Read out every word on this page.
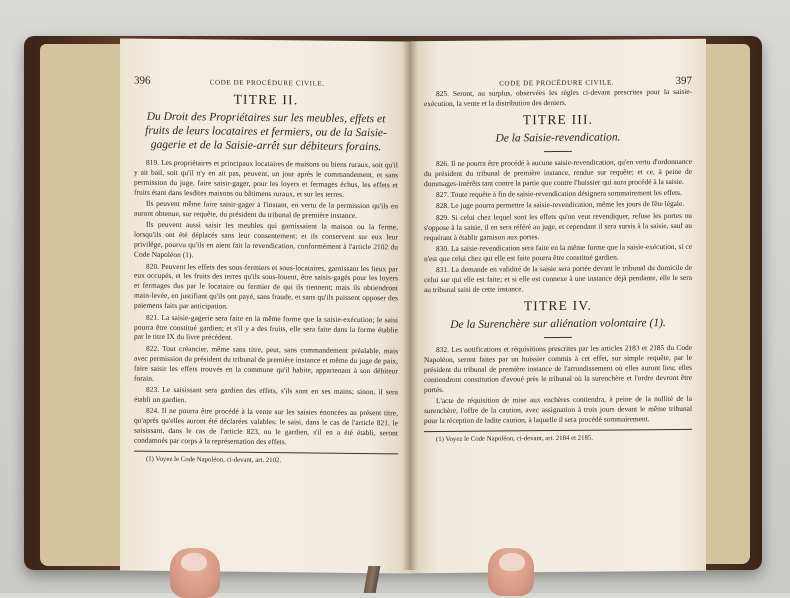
396	CODE DE PROCÉDURE CIVILE.
TITRE II.
Du Droit des Propriétaires sur les meubles, effets et fruits de leurs locataires et fermiers, ou de la Saisie-gagerie et de la Saisie-arrêt sur débiteurs forains.
819. Les propriétaires et principaux locataires de maisons ou biens ruraux, soit qu'il y ait bail, soit qu'il n'y en ait pas, peuvent, un jour après le commandement, et sans permission du juge, faire saisir-gager, pour les loyers et fermages échus, les effets et fruits étant dans lesdites maisons ou bâtimens ruraux, et sur les terres.
Ils peuvent même faire saisir-gager à l'instant, en vertu de la permission qu'ils en auront obtenue, sur requête, du président du tribunal de première instance.
Ils peuvent aussi saisir les meubles qui garnissaient la maison ou la ferme, lorsqu'ils ont été déplacés sans leur consentement; et ils conservent sur eux leur privilége, pourvu qu'ils en aient fait la revendication, conformément à l'article 2102 du Code Napoléon (1).
820. Peuvent les effets des sous-fermiers et sous-locataires, garnissant les lieux par eux occupés, et les fruits des terres qu'ils sous-louent, être saisis-gagés pour les loyers et fermages dus par le locataire ou fermier de qui ils tiennent; mais ils obtiendront main-levée, en justifiant qu'ils ont payé, sans fraude, et sans qu'ils puissent opposer des paiemens faits par anticipation.
821. La saisie-gagerie sera faite en la même forme que la saisie-exécution; le saisi pourra être constitué gardien; et s'il y a des fruits, elle sera faite dans la forme établie par le titre IX du livre précédent.
822. Tout créancier, même sans titre, peut, sans commandement préalable, mais avec permission du président du tribunal de première instance et même du juge de paix, faire saisir les effets trouvés en la commune qu'il habite, appartenant à son débiteur forain.
823. Le saisissant sera gardien des effets, s'ils sont en ses mains; sinon, il sera établi un gardien.
824. Il ne pourra être procédé à la vente sur les saisies énoncées au présent titre, qu'après qu'elles auront été déclarées valables: le saisi, dans le cas de l'article 821, le saisissant, dans le cas de l'article 823, ou le gardien, s'il en a été établi, seront condamnés par corps à la représentation des effets.
(1) Voyez le Code Napoléon, ci-devant, art. 2102.
CODE DE PROCÉDURE CIVILE.	397
825. Seront, au surplus, observées les règles ci-devant prescrites pour la saisie-exécution, la vente et la distribution des deniers.
TITRE III.
De la Saisie-revendication.
826. Il ne pourra être procédé à aucune saisie-revendication, qu'en vertu d'ordonnance du président du tribunal de première instance, rendue sur requête; et ce, à peine de dommages-intérêts tant contre la partie que contre l'huissier qui aura procédé à la saisie.
827. Toute requête à fin de saisie-revendication désignera sommairement les effets.
828. Le juge pourra permettre la saisie-revendication, même les jours de fête légale.
829. Si celui chez lequel sont les effets qu'on veut revendiquer, refuse les portes ou s'oppose à la saisie, il en sera référé au juge, et cependant il sera sursis à la saisie, sauf au requérant à établir garnison aux portes.
830. La saisie-revendication sera faite en la même forme que la saisie-exécution, si ce n'est que celui chez qui elle est faite pourra être constitué gardien.
831. La demande en validité de la saisie sera portée devant le tribunal du domicile de celui sur qui elle est faite; et si elle est connexe à une instance déjà pendante, elle le sera au tribunal saisi de cette instance.
TITRE IV.
De la Surenchère sur aliénation volontaire (1).
832. Les notifications et réquisitions prescrites par les articles 2183 et 2185 du Code Napoléon, seront faites par un huissier commis à cet effet, sur simple requête, par le président du tribunal de première instance de l'arrondissement où elles auront lieu; elles contiendront constitution d'avoué près le tribunal où la surenchère et l'ordre devront être portés.
L'acte de réquisition de mise aux enchères contiendra, à peine de la nullité de la surenchère, l'offre de la caution, avec assignation à trois jours devant le même tribunal pour la réception de ladite caution, à laquelle il sera procédé sommairement.
(1) Voyez le Code Napoléon, ci-devant, art. 2184 et 2185.
